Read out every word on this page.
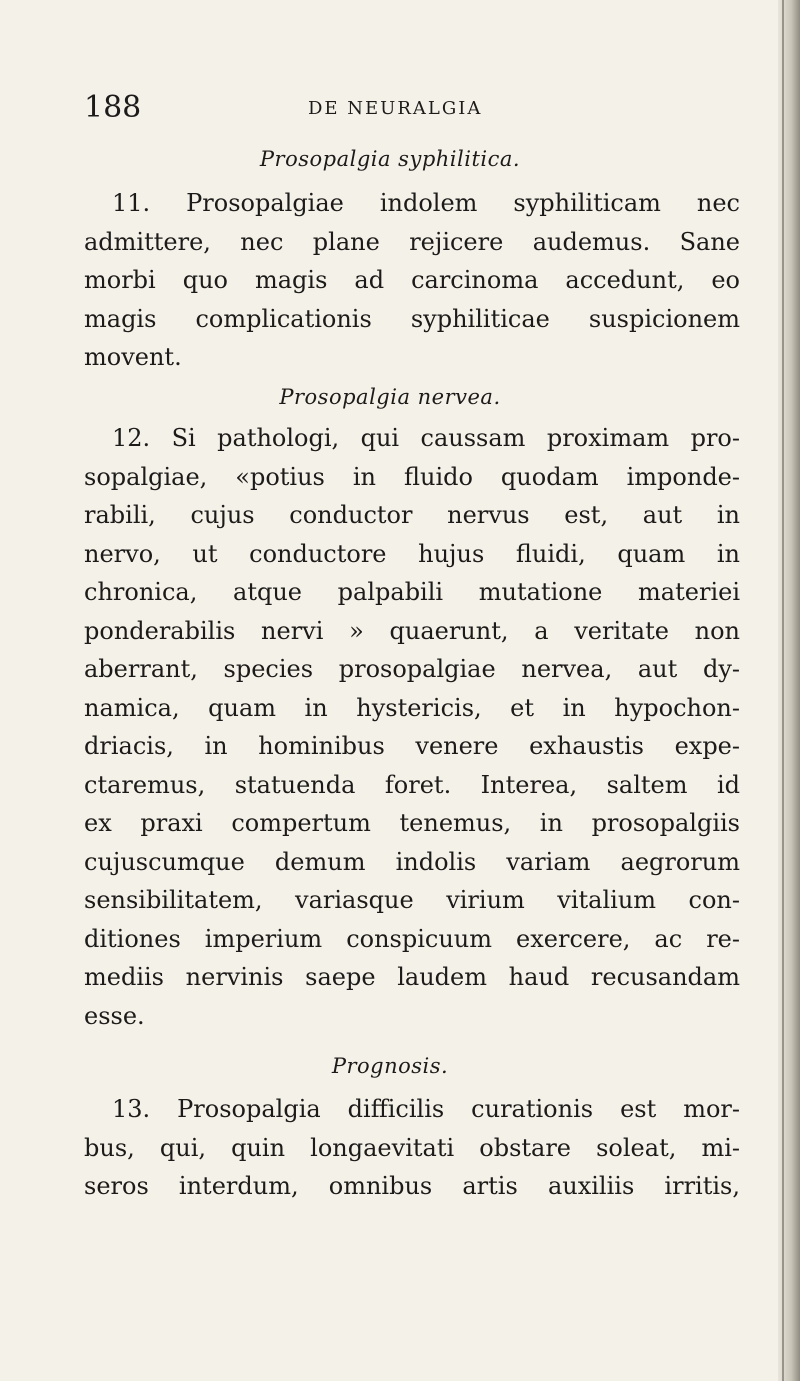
188	DE NEURALGIA
Prosopalgia syphilitica.
11. Prosopalgiae indolem syphiliticam nec
admittere, nec plane rejicere audemus. Sane
morbi quo magis ad carcinoma accedunt, eo
magis complicationis syphiliticae suspicionem
movent.
Prosopalgia nervea.
12. Si pathologi, qui caussam proximam pro-
sopalgiae, «potius in fluido quodam imponde-
rabili, cujus conductor nervus est, aut in
nervo, ut conductore hujus fluidi, quam in
chronica, atque palpabili mutatione materiei
ponderabilis nervi » quaerunt, a veritate non
aberrant, species prosopalgiae nervea, aut dy-
namica, quam in hystericis, et in hypochon-
driacis, in hominibus venere exhaustis expe-
ctaremus, statuenda foret. Interea, saltem id
ex praxi compertum tenemus, in prosopalgiis
cujuscumque demum indolis variam aegrorum
sensibilitatem, variasque virium vitalium con-
ditiones imperium conspicuum exercere, ac re-
mediis nervinis saepe laudem haud recusandam
esse.
Prognosis.
13. Prosopalgia difficilis curationis est mor-
bus, qui, quin longaevitati obstare soleat, mi-
seros interdum, omnibus artis auxiliis irritis,
